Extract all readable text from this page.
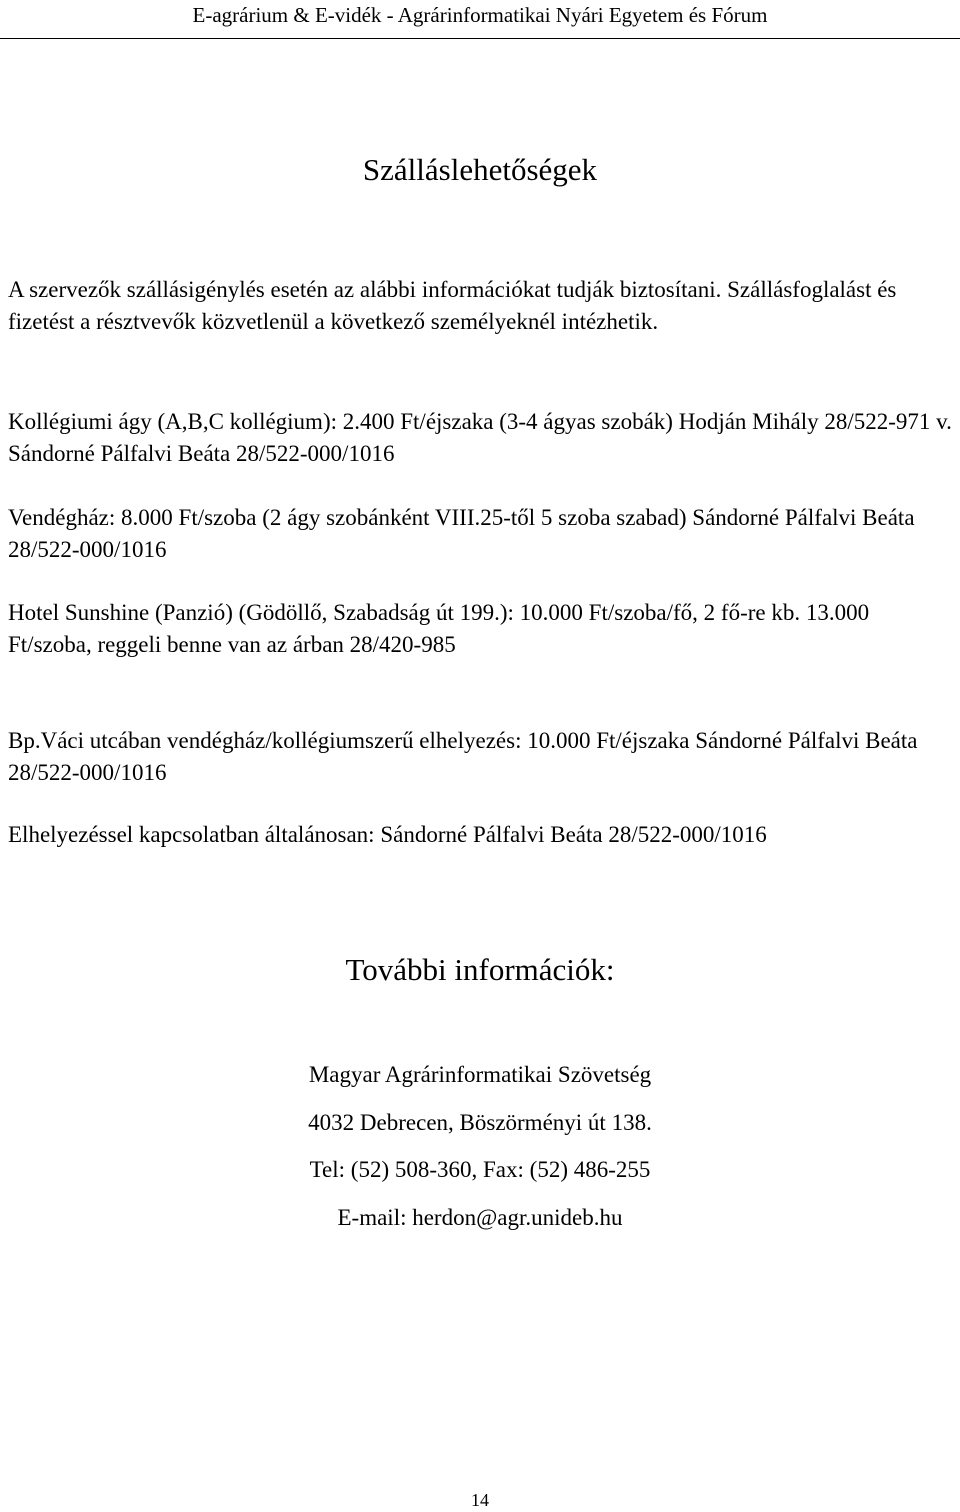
E-agrárium & E-vidék - Agrárinformatikai Nyári Egyetem és Fórum
Szálláslehetőségek

A szervezők szállásigénylés esetén az alábbi információkat tudják biztosítani. Szállásfoglalást és fizetést a résztvevők közvetlenül a következő személyeknél intézhetik.

Kollégiumi ágy (A,B,C kollégium): 2.400 Ft/éjszaka (3-4 ágyas szobák) Hodján Mihály 28/522-971 v. Sándorné Pálfalvi Beáta 28/522-000/1016

Vendégház: 8.000 Ft/szoba (2 ágy szobánként VIII.25-től 5 szoba szabad) Sándorné Pálfalvi Beáta 28/522-000/1016

Hotel Sunshine (Panzió) (Gödöllő, Szabadság út 199.): 10.000 Ft/szoba/fő, 2 fő-re kb. 13.000 Ft/szoba, reggeli benne van az árban 28/420-985

Bp.Váci utcában vendégház/kollégiumszerű elhelyezés: 10.000 Ft/éjszaka Sándorné Pálfalvi Beáta 28/522-000/1016

Elhelyezéssel kapcsolatban általánosan: Sándorné Pálfalvi Beáta 28/522-000/1016

További információk:
Magyar Agrárinformatikai Szövetség
4032 Debrecen, Böszörményi út 138.
Tel: (52) 508-360, Fax: (52) 486-255
E-mail: herdon@agr.unideb.hu
14
